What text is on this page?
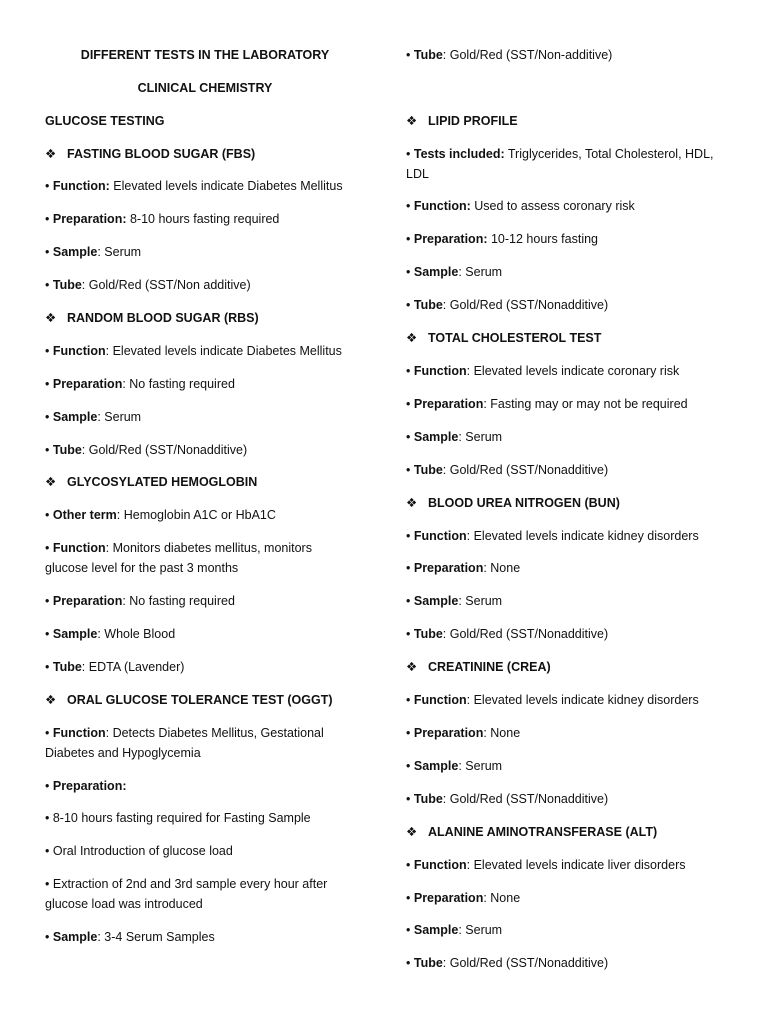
DIFFERENT TESTS IN THE LABORATORY
CLINICAL CHEMISTRY
GLUCOSE TESTING
❖ FASTING BLOOD SUGAR (FBS)
• Function: Elevated levels indicate Diabetes Mellitus
• Preparation: 8-10 hours fasting required
• Sample: Serum
• Tube: Gold/Red (SST/Non additive)
❖ RANDOM BLOOD SUGAR (RBS)
• Function: Elevated levels indicate Diabetes Mellitus
• Preparation: No fasting required
• Sample: Serum
• Tube: Gold/Red (SST/Nonadditive)
❖ GLYCOSYLATED HEMOGLOBIN
• Other term: Hemoglobin A1C or HbA1C
• Function: Monitors diabetes mellitus, monitors
glucose level for the past 3 months
• Preparation: No fasting required
• Sample: Whole Blood
• Tube: EDTA (Lavender)
❖ ORAL GLUCOSE TOLERANCE TEST (OGGT)
• Function: Detects Diabetes Mellitus, Gestational
Diabetes and Hypoglycemia
• Preparation:
• 8-10 hours fasting required for Fasting Sample
• Oral Introduction of glucose load
• Extraction of 2nd and 3rd sample every hour after
glucose load was introduced
• Sample: 3-4 Serum Samples
• Tube: Gold/Red (SST/Non-additive)
❖ LIPID PROFILE
• Tests included: Triglycerides, Total Cholesterol, HDL,
LDL
• Function: Used to assess coronary risk
• Preparation: 10-12 hours fasting
• Sample: Serum
• Tube: Gold/Red (SST/Nonadditive)
❖ TOTAL CHOLESTEROL TEST
• Function: Elevated levels indicate coronary risk
• Preparation: Fasting may or may not be required
• Sample: Serum
• Tube: Gold/Red (SST/Nonadditive)
❖ BLOOD UREA NITROGEN (BUN)
• Function: Elevated levels indicate kidney disorders
• Preparation: None
• Sample: Serum
• Tube: Gold/Red (SST/Nonadditive)
❖ CREATININE (CREA)
• Function: Elevated levels indicate kidney disorders
• Preparation: None
• Sample: Serum
• Tube: Gold/Red (SST/Nonadditive)
❖ ALANINE AMINOTRANSFERASE (ALT)
• Function: Elevated levels indicate liver disorders
• Preparation: None
• Sample: Serum
• Tube: Gold/Red (SST/Nonadditive)
